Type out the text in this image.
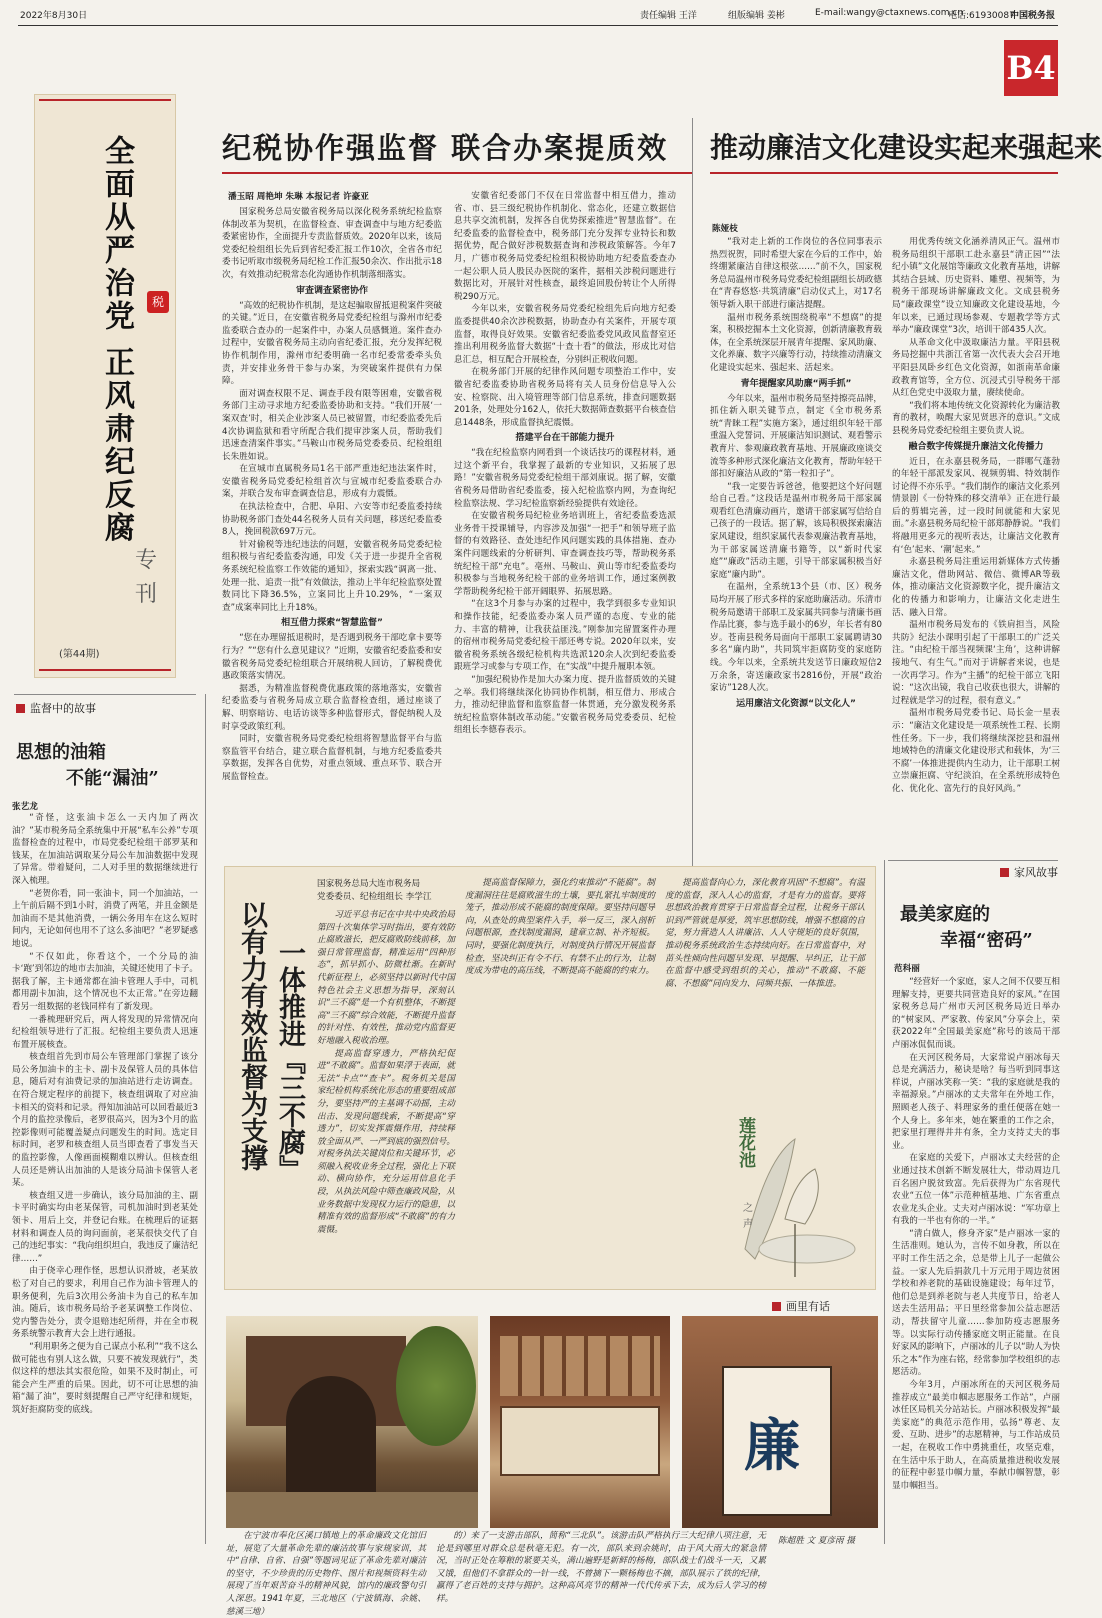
2022年8月30日	责任编辑 王洋	组版编辑 姜彬	E-mail:wangy@ctaxnews.com.cn
电话:61930087
中国税务报
B4
全面从严治党 正风肃纪反腐	税
专
刊
(第44期)
纪税协作强监督 联合办案提质效
潘玉昭 周艳坤 朱琳 本报记者 许豪亚

国家税务总局安徽省税务局以深化税务系统纪检监察体制改革为契机，在监督检查、审查调查中与地方纪委监委紧密协作，全面提升专责监督质效。2020年以来，该局党委纪检组组长先后到省纪委汇报工作10次，全省各市纪委书记听取市级税务局纪检工作汇报50余次、作出批示18次，有效推动纪税常态化沟通协作机制落细落实。

审查调查紧密协作

“高效的纪税协作机制，是这起骗取留抵退税案件突破的关键。”近日，在安徽省税务局党委纪检组与滁州市纪委监委联合查办的一起案件中，办案人员感慨道。案件查办过程中，安徽省税务局主动向省纪委汇报，充分发挥纪税协作机制作用，滁州市纪委明确一名市纪委常委牵头负责，并安排业务骨干参与办案，为突破案件提供有力保障。

面对调查权限不足、调查手段有限等困难，安徽省税务部门主动寻求地方纪委监委协助和支持。“我们开展‘一案双查’时，相关企业涉案人员已被留置，市纪委监委先后4次协调监狱和看守所配合我们提审涉案人员，帮助我们迅速查清案件事实。”马鞍山市税务局党委委员、纪检组组长朱胜如说。

在宣城市直属税务局1名干部严重违纪违法案件时，安徽省税务局党委纪检组首次与宣城市纪委监委联合办案，并联合发布审查调查信息，形成有力震慑。

在执法检查中，合肥、阜阳、六安等市纪委监委持续协助税务部门查处44名税务人员有关问题，移送纪委监委8人，挽回税款697万元。

针对偷税等违纪违法的问题，安徽省税务局党委纪检组积极与省纪委监委沟通，印发《关于进一步提升全省税务系统纪检监察工作效能的通知》，探索实践“调离一批、处理一批、追责一批”有效做法，推动上半年纪检监察处置数同比下降36.5%，立案同比上升10.29%，“一案双查”成案率同比上升18%。

相互借力探索“智慧监督”

“您在办理留抵退税时，是否遇到税务干部吃拿卡要等行为？”“您有什么意见建议？”近期，安徽省纪委监委和安徽省税务局党委纪检组联合开展纳税人回访，了解税费优惠政策落实情况。

据悉，为精准监督税费优惠政策的落地落实，安徽省纪委监委与省税务局成立联合监督检查组，通过座谈了解、明察暗访、电话访谈等多种监督形式，督促纳税人及时享受政策红利。

同时，安徽省税务局党委纪检组将智慧监督平台与监察监管平台结合，建立联合监督机制，与地方纪委监委共享数据，发挥各自优势，对重点领域、重点环节、联合开展监督检查。

安徽省纪委部门不仅在日常监督中相互借力，推动省、市、县三级纪税协作机制化、常态化，还建立数据信息共享交流机制，发挥各自优势探索推进“智慧监督”。在纪委监委的监督检查中，税务部门充分发挥专业特长和数据优势，配合做好涉税数据查询和涉税政策解答。今年7月，广德市税务局党委纪检组积极协助地方纪委监委查办一起公职人员人股民办医院的案件，据相关涉税问题进行数据比对，开展针对性核查，最终追回股份转让个人所得税290万元。

今年以来，安徽省税务局党委纪检组先后向地方纪委监委提供40余次涉税数据，协助查办有关案件，开展专项监督，取得良好效果。安徽省纪委监委党风政风监督室还推出利用税务监督大数据“十查十看”的做法，形成比对信息汇总，相互配合开展检查，分别纠正税收问题。

在税务部门开展的纪律作风问题专项整治工作中，安徽省纪委监委协助省税务局将有关人员身份信息导入公安、检察院、出入境管理等部门信息系统，排查问题数据201条，处理处分162人，依托大数据筛查数据平台核查信息1448条，形成监督执纪震慑。

搭建平台在干部能力提升

“我在纪检监察内网看到一个谈话技巧的课程材料，通过这个新平台，我掌握了最新的专业知识，又拓展了思路！”安徽省税务局党委纪检组干部刘康说。据了解，安徽省税务局借助省纪委监委，接入纪检监察内网，为查询纪检监察法规、学习纪检监察新经验提供有效途径。

在安徽省税务局纪检业务培训班上，省纪委监委选派业务骨干授课辅导，内容涉及加强“一把手”和领导班子监督的有效路径、查处违纪作风问题实践的具体措施、查办案件问题线索的分析研判、审查调查技巧等，帮助税务系统纪检干部“充电”。亳州、马鞍山、黄山等市纪委监委均积极参与当地税务纪检干部的业务培训工作，通过案例教学帮助税务纪检干部开阔眼界、拓展思路。

“在这3个月参与办案的过程中，我学到很多专业知识和操作技能，纪委监委办案人员严谨的态度、专业的能力、丰富的精神，让我获益匪浅。”刚参加完留置案件办理的宿州市税务局党委纪检干部还粤专说。2020年以来，安徽省税务系统各级纪检机构共选派120余人次到纪委监委跟班学习或参与专项工作，在“实战”中提升履职本领。

“加强纪税协作是加大办案力度、提升监督质效的关键之举。我们将继续深化协同协作机制，相互借力、形成合力，推动纪律监督和监察监督一体贯通，充分激发税务系统纪检监察体制改革动能。”安徽省税务局党委委员、纪检组组长李德春表示。

推动廉洁文化建设实起来强起来
陈娅枝

“我对走上新的工作岗位的各位同事表示热烈祝贺，同时希望大家在今后的工作中，始终绷紧廉洁自律这根弦……”前不久，国家税务总局温州市税务局党委纪检组副组长胡政德在“青春悠悠·共筑清廉”启动仪式上，对17名领导新入职干部进行廉洁提醒。

温州市税务系统围绕税率“不想腐”的提案，积极挖掘本土文化资源，创新清廉教育载体，在全系统深层开展青年提醒、家风助廉、文化养廉、数字兴廉等行动，持续推动清廉文化建设实起来、强起来、活起来。

青年提醒家风助廉“两手抓”

今年以来，温州市税务局坚持擦亮品牌，抓住新入职关键节点，制定《全市税务系统“青睐工程”实施方案》，通过组织年轻干部重温入党誓词、开展廉洁知识测试、观看警示教育片、参观廉政教育基地、开展廉政座谈交流等多种形式深化廉洁文化教育，帮助年轻干部扣好廉洁从政的“第一粒扣子”。

“我一定要告诉爸爸，他要把这个好问题给自己看。”这段话是温州市税务局干部家属观看红色清廉动画片，邀请干部家属写信给自己孩子的一段话。据了解，该局积极探索廉洁家风建设，组织家属代表参观廉洁教育基地，为干部家属送清廉书籍等，以“新时代家庭”“廉政”活动主题，引导干部家属积极当好家庭“廉内助”。

在温州，全系统13个县（市、区）税务局均开展了形式多样的家庭助廉活动。乐清市税务局邀请干部职工及家属共同参与清廉书画作品比赛，参与选手最小的6岁，年长者有80岁。苍南县税务局面向干部职工家属聘请30多名“廉内助”，共同筑牢拒腐防变的家庭防线。今年以来，全系统共发送节日廉政短信2万余条，寄送廉政家书2816份，开展“政治家访”128人次。

运用廉洁文化资源“以文化人”

用优秀传统文化涵养清风正气。温州市税务局组织干部职工赴永嘉县“清正园”“法纪小镇”文化展馆等廉政文化教育基地，讲解其结合县域、历史资料、雕塑、视频等，为税务干部现场讲解廉政文化。文成县税务局“廉政课堂”设立知廉政文化建设基地，今年以来，已通过现场参观、专题教学等方式举办“廉政课堂”3次，培训干部435人次。

从革命文化中汲取廉洁力量。平阳县税务局挖掘中共浙江省第一次代表大会召开地平阳县凤卧乡红色文化资源，如浙南革命廉政教育馆等，全方位、沉浸式引导税务干部从红色党史中汲取力量，赓续使命。

“我们将本地传统文化资源转化为廉洁教育的教材，唤醒大家见贤思齐的意识。”文成县税务局党委纪检组主要负责人说。

融合数字传媒提升廉洁文化传播力

近日，在永嘉县税务局，一群哪气蓬勃的年轻干部派发家风、视频剪辑、特效制作讨论得不亦乐乎。“我们制作的廉洁文化系列情景剧《一份特殊的移交清单》正在进行最后的剪辑完善，过一段时间就能和大家见面。”永嘉县税务局纪检干部郑静静说。“我们将融用更多元的视听表达，让廉洁文化教育有‘色’起来、‘潮’起来。”

永嘉县税务局注重运用新媒体方式传播廉洁文化，借助网站、微信、微博AR等载体，推动廉洁文化资源数字化，提升廉洁文化的传播力和影响力，让廉洁文化走进生活、融入日常。

温州市税务局发布的《铁肩担当，风险共防》纪法小课明引起了干部职工的广泛关注。“由纪检干部当视频课‘主角’，这种讲解接地气、有生气。”而对于讲解者来说，也是一次再学习。作为“主播”的纪检干部立飞阳说：“这次出镜，我自己收获也很大，讲解的过程就是学习的过程，很有意义。”

温州市税务局党委书记、局长金一星表示：“廉洁文化建设是一项系统性工程、长期性任务。下一步，我们将继续深挖县和温州地域特色的清廉文化建设形式和载体，为‘三不腐’一体推进提供内生动力，让干部职工树立崇廉拒腐、守纪淡泊，在全系统形成特色化、优化化、富先行的良好风尚。”

监督中的故事
思想的油箱
不能“漏油”
张艺龙

“奇怪，这张油卡怎么一天内加了两次油？”某市税务局全系统集中开展“私车公养”专项监督检查的过程中，市局党委纪检组干部罗某和钱某，在加油站调取某分局公车加油数据中发现了异常。带着疑问，二人对手里的数据继续进行深入梳理。

“老贺你看，同一张油卡，同一个加油站，一上午前后隔不到1小时，消费了两笔，并且金额是加油而不是其他消费，一辆公务用车在这么短时间内，无论如何也用不了这么多油吧？”老罗疑惑地说。

“不仅如此，你看这个，一个分局的油卡‘跑’到邻边的地市去加油，关键还使用了卡子。据我了解，主卡通常都在油卡管理人手中，司机都用副卡加油，这个情况也不太正常。”在旁边翻看另一组数据的老钱同样有了新发现。

一番梳理研究后，两人将发现的异常情况向纪检组领导进行了汇报。纪检组主要负责人迅速布置开展核查。

核查组首先到市局公车管理部门掌握了该分局公务加油卡的主卡、副卡及保管人员的具体信息，随后对有油费记录的加油站进行走访调查。在符合规定程序的前提下，核查组调取了对应油卡相关的资料和记录。得知加油站可以回看最近3个月的监控录像后，老罗很高兴，因为3个月的监控影像则可能覆盖疑点问题发生的时间。选定目标时间，老罗和核查组人员当即查看了事发当天的监控影像，人像画面模糊难以辨认。但核查组人员还是辨认出加油的人是该分局油卡保管人老某。

核查组又进一步确认，该分局加油的主、副卡平时确实均由老某保管，司机加油时到老某处领卡、用后上交，并登记台账。在梳理后的证据材料和调查人员的询问面前，老某很快交代了自己的违纪事实：“我向组织坦白，我违反了廉洁纪律……”

由于侥幸心理作怪，思想认识滑坡，老某放松了对自己的要求，利用自己作为油卡管理人的职务便利，先后3次用公务油卡为自己的私车加油。随后，该市税务局给予老某调整工作岗位、党内警告处分，责令退赔违纪所得，并在全市税务系统警示教育大会上进行通报。

“利用职务之便为自己谋点小私利”“我不这么做可能也有别人这么做，只要不被发现就行”，类似这样的想法其实很危险，如果不及时制止，可能会产生严重的后果。因此，切不可让思想的油箱“漏了油”，要时刻提醒自己严守纪律和规矩，筑好拒腐防变的底线。

以有力有效监督为支撑 一体推进『三不腐』
国家税务总局大连市税务局
党委委员、纪检组组长 李学江

习近平总书记在中共中央政治局第四十次集体学习时指出，要有效防止腐败滋长，把反腐败防线前移，加强日常管理监督，精准运用“四种形态”，抓早抓小、防微杜渐。在新时代新征程上，必须坚持以新时代中国特色社会主义思想为指导，深刻认识“三不腐”是一个有机整体，不断提高“三不腐”综合效能，不断提升监督的针对性、有效性，推动党内监督更好地融入税收治理。

提高监督穿透力，严格执纪促进“不敢腐”。监督如果浮于表面，就无法“卡点”“查卡”。税务机关是国家纪检机构系统化形态的重要组成部分，要坚持严的主基调不动摇，主动出击、发现问题线索，不断提高“穿透力”，切实发挥震慑作用，持续释放全面从严、一严到底的强烈信号。对税务执法关键岗位和关键环节，必须融入税收业务全过程，强化上下联动、横向协作，充分运用信息化手段，从执法风险中筛查廉政风险，从业务数据中发现权力运行的隐患，以精准有效的监督形成“不敢腐”的有力震慑。

提高监督保障力，强化约束推动“不能腐”。制度漏洞往往是腐败滋生的土壤，要扎紧扎牢制度的笼子，推动形成不能腐的制度保障。要坚持问题导向，从查处的典型案件入手，举一反三，深入剖析问题根源，查找制度漏洞，建章立制、补齐短板。同时，要强化制度执行，对制度执行情况开展监督检查，坚决纠正有令不行、有禁不止的行为，让制度成为带电的高压线，不断提高不能腐的约束力。

提高监督向心力，深化教育巩固“不想腐”。有温度的监督，深入人心的监督，才是有力的监督。要将思想政治教育贯穿于日常监督全过程，让税务干部认识到严管就是厚爱，筑牢思想防线，增强不想腐的自觉，努力营造人人讲廉洁、人人守规矩的良好氛围，推动税务系统政治生态持续向好。在日常监督中，对苗头性倾向性问题早发现、早提醒、早纠正，让干部在监督中感受到组织的关心，推动“不敢腐、不能腐、不想腐”同向发力、同频共振、一体推进。

莲花池
之
声
家风故事
最美家庭的
幸福“密码”
范科丽

“经营好一个家庭，家人之间不仅要互相理解支持，更要共同营造良好的家风。”在国家税务总局广州市天河区税务局近日举办的“树家风、严家教、传家风”分享会上，荣获2022年“全国最美家庭”称号的该局干部卢丽冰侃侃而谈。

在天河区税务局，大家常说卢丽冰每天总是充满活力，秘诀是啥？每当听到同事这样说，卢丽冰笑称一笑：“我的家庭就是我的幸福源泉。”卢丽冰的丈夫常年在外地工作，照顾老人孩子、料理家务的重任便落在她一个人身上。多年来，她在繁重的工作之余，把家里打理得井井有条，全力支持丈夫的事业。

在家庭的关爱下，卢丽冰丈夫经营的企业通过技术创新不断发展壮大，带动周边几百名困户脱贫致富。先后获得为广东省现代农业“五位一体”示范种植基地、广东省重点农业龙头企业。丈夫对卢丽冰说：“军功章上有我的一半也有你的一半。”

“清白做人，修身齐家”是卢丽冰一家的生活准则。她认为，言传不如身教，所以在平时工作生活之余，总是带上儿子一起做公益。一家人先后捐款几十万元用于周边贫困学校和养老院的基础设施建设；每年过节，他们总是到养老院与老人共度节日，给老人送去生活用品；平日里经常参加公益志愿活动，帮扶留守儿童……参加防疫志愿服务等。以实际行动传播家庭文明正能量。在良好家风的影响下，卢丽冰的儿子以“助人为快乐之本”作为座右铭，经常参加学校组织的志愿活动。

今年3月，卢丽冰所在的天河区税务局推荐成立“最美巾帼志愿服务工作站”，卢丽冰任区局机关分站站长。卢丽冰积极发挥“最美家庭”的典范示范作用，弘扬“尊老、友爱、互助、进步”的志愿精神，与工作站成员一起，在税收工作中勇挑重任，攻坚克难，在生活中乐于助人，在高质量推进税收发展的征程中彰显巾帼力量，奉献巾帼智慧，彰显巾帼担当。

画里有话
廉

在宁波市奉化区溪口镇地上的革命廉政文化馆旧址，展览了大量革命先辈的廉洁故事与家规家训，其中“自律、自省、自强”等题词见证了革命先辈对廉洁的坚守，不少珍贵的历史物件、图片和视频资料生动展现了当年艰苦奋斗的精神风貌，馆内的廉政警句引人深思。1941年夏，三北地区（宁波镇海、余姚、慈溪三地）

的）来了一支游击部队，简称“三北队”。该游击队严格执行三大纪律八项注意，无论是到哪里对群众总是秋毫无犯。有一次，部队来到余姚时，由于风大雨大的紧急情况，当时正处在筹粮的紧要关头，满山遍野是新鲜的杨梅，部队战士们战斗一天，又累又饿，但他们不拿群众的一针一线，不曾摘下一颗杨梅也不摘，部队展示了铁的纪律，赢得了老百姓的支持与拥护。这种高风亮节的精神一代代传承下去，成为后人学习的榜样。

陈超胜 文 夏彦雨 摄
